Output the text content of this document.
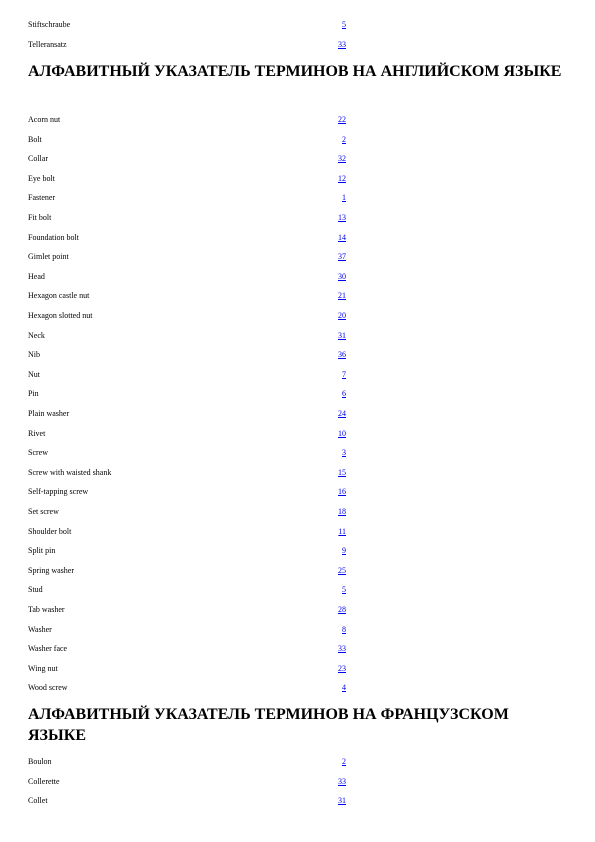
Stiftschraube	5
Telleransatz	33
АЛФАВИТНЫЙ УКАЗАТЕЛЬ ТЕРМИНОВ НА АНГЛИЙСКОМ ЯЗЫКЕ
Acorn nut	22
Bolt	2
Collar	32
Eye bolt	12
Fastener	1
Fit bolt	13
Foundation bolt	14
Gimlet point	37
Head	30
Hexagon castle nut	21
Hexagon slotted nut	20
Neck	31
Nib	36
Nut	7
Pin	6
Plain washer	24
Rivet	10
Screw	3
Screw with waisted shank	15
Self-tapping screw	16
Set screw	18
Shoulder bolt	11
Split pin	9
Spring washer	25
Stud	5
Tab washer	28
Washer	8
Washer face	33
Wing nut	23
Wood screw	4
АЛФАВИТНЫЙ УКАЗАТЕЛЬ ТЕРМИНОВ НА ФРАНЦУЗСКОМ ЯЗЫКЕ
Boulon	2
Collerette	33
Collet	31
